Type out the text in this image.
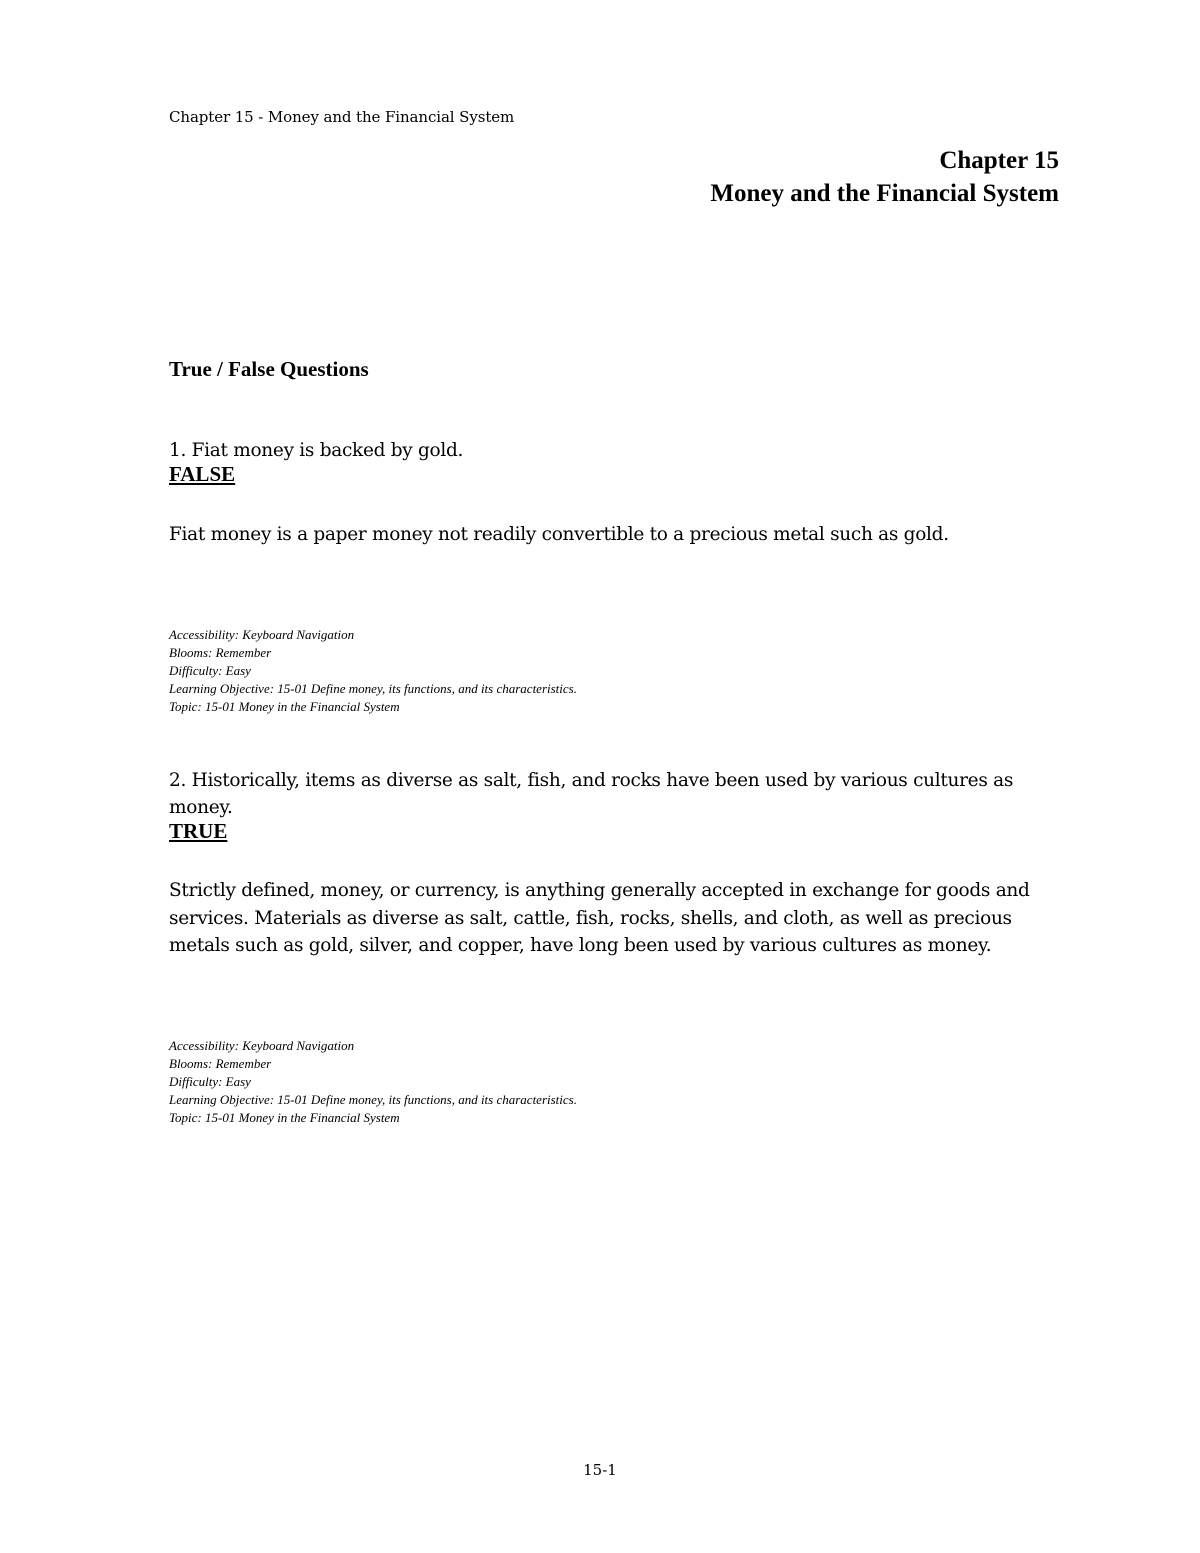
Chapter 15 - Money and the Financial System
Chapter 15
Money and the Financial System
True / False Questions
1. Fiat money is backed by gold.
FALSE
Fiat money is a paper money not readily convertible to a precious metal such as gold.
Accessibility: Keyboard Navigation
Blooms: Remember
Difficulty: Easy
Learning Objective: 15-01 Define money, its functions, and its characteristics.
Topic: 15-01 Money in the Financial System
2. Historically, items as diverse as salt, fish, and rocks have been used by various cultures as money.
TRUE
Strictly defined, money, or currency, is anything generally accepted in exchange for goods and services. Materials as diverse as salt, cattle, fish, rocks, shells, and cloth, as well as precious metals such as gold, silver, and copper, have long been used by various cultures as money.
Accessibility: Keyboard Navigation
Blooms: Remember
Difficulty: Easy
Learning Objective: 15-01 Define money, its functions, and its characteristics.
Topic: 15-01 Money in the Financial System
15-1
